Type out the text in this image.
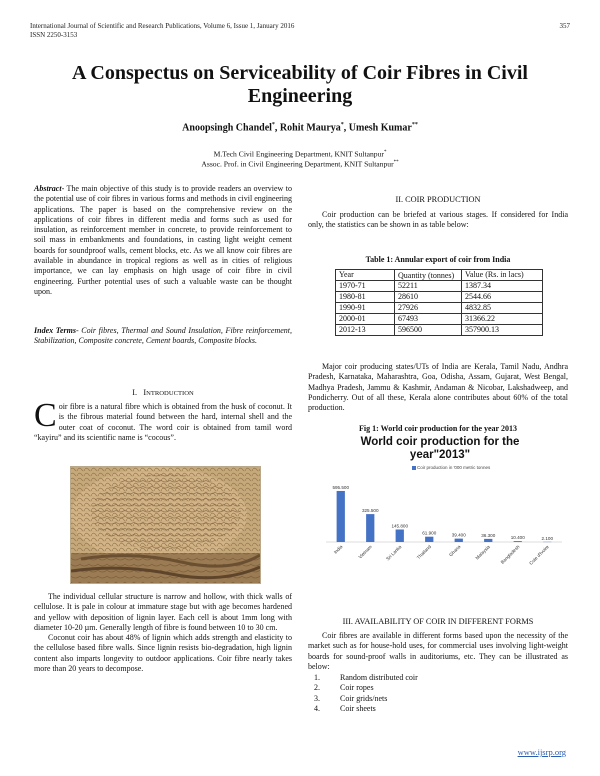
International Journal of Scientific and Research Publications, Volume 6, Issue 1, January 2016
ISSN 2250-3153
357
A Conspectus on Serviceability of Coir Fibres in Civil Engineering
Anoopsingh Chandel*, Rohit Maurya*, Umesh Kumar**
M.Tech Civil Engineering Department, KNIT Sultanpur*
Assoc. Prof. in Civil Engineering Department, KNIT Sultanpur**

Abstract- The main objective of this study is to provide readers an overview to the potential use of coir fibres in various forms and methods in civil engineering applications. The paper is based on the comprehensive review on the applications of coir fibres in different media and forms such as used for insulation, as reinforcement member in concrete, to provide reinforcement to soil mass in embankments and foundations, in casting light weight cement boards for soundproof walls, cement blocks, etc. As we all know coir fibres are available in abundance in tropical regions as well as in cities of religious importance, we can lay emphasis on high usage of coir fibre in civil engineering. Further potential uses of such a valuable waste can be thought upon.

Index Terms- Coir fibres, Thermal and Sound Insulation, Fibre reinforcement, Stabilization, Composite concrete, Cement boards, Composite blocks.

I. INTRODUCTION
C oir fibre is a natural fibre which is obtained from the husk of coconut. It is the fibrous material found between the hard, internal shell and the outer coat of coconut. The word coir is obtained from tamil word “kayiru” and its scientific name is “cocous”.

The individual cellular structure is narrow and hollow, with thick walls of cellulose. It is pale in colour at immature stage but with age becomes hardened and yellow with deposition of lignin layer. Each cell is about 1mm long with diameter 10-20 µm. Generally length of fibre is found between 10 to 30 cm.

Coconut coir has about 48% of lignin which adds strength and elasticity to the cellulose based fibre walls. Since lignin resists bio-degradation, high lignin content also imparts longevity to outdoor applications. Coir fibre nearly takes more than 20 years to decompose.

II. COIR PRODUCTION

Coir production can be briefed at various stages. If considered for India only, the statistics can be shown in as table below:

Table 1: Annular export of coir from India
Year	Quantity (tonnes)	Value (Rs. in lacs)
1970-71	52211	1387.34
1980-81	28610	2544.66
1990-91	27926	4832.85
2000-01	67493	31366.22
2012-13	596500	357900.13

Major coir producing states/UTs of India are Kerala, Tamil Nadu, Andhra Pradesh, Karnataka, Maharashtra, Goa, Odisha, Assam, Gujarat, West Bengal, Madhya Pradesh, Jammu & Kashmir, Andaman & Nicobar, Lakshadweep, and Pondicherry. Out of all these, Kerala alone contributes about 60% of the total production.

Fig 1: World coir production for the year 2013
World coir production for the year"2013"
Coir production in '000 metric tonnes
595.500
India
325.500
Vietnam
145.800
Sri Lanka
61.900
Thailand
39.400
Ghana
36.300
Malaysia
10.400
Bangladesh
2.100
Cote d'Ivoire
III. AVAILABILITY OF COIR IN DIFFERENT FORMS

Coir fibres are available in different forms based upon the necessity of the market such as for house-hold uses, for commercial uses involving light-weight boards for sound-proof walls in auditoriums, etc. They can be illustrated as below:

1.	Random distributed coir
2.	Coir ropes
3.	Coir grids/nets
4.	Coir sheets
www.ijsrp.org
